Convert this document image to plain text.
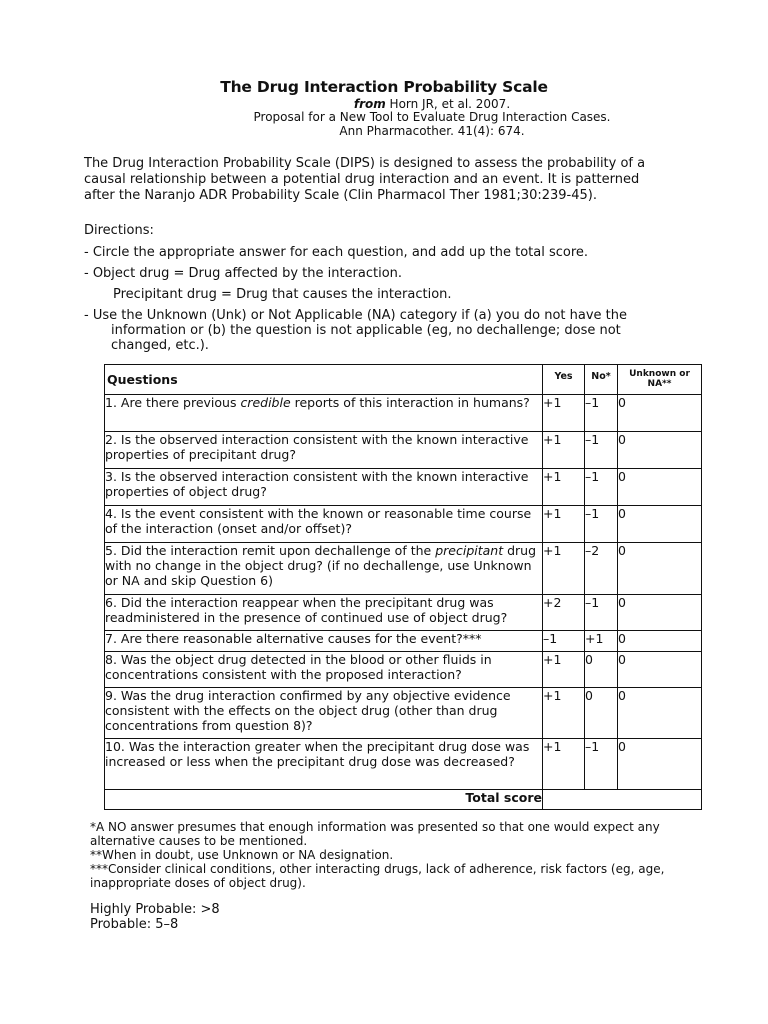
The Drug Interaction Probability Scale
from Horn JR, et al. 2007.
Proposal for a New Tool to Evaluate Drug Interaction Cases.
Ann Pharmacother. 41(4): 674.
The Drug Interaction Probability Scale (DIPS) is designed to assess the probability of a
causal relationship between a potential drug interaction and an event. It is patterned
after the Naranjo ADR Probability Scale (Clin Pharmacol Ther 1981;30:239-45).
Directions:
- Circle the appropriate answer for each question, and add up the total score.
- Object drug = Drug affected by the interaction.
Precipitant drug = Drug that causes the interaction.
- Use the Unknown (Unk) or Not Applicable (NA) category if (a) you do not have the
information or (b) the question is not applicable (eg, no dechallenge; dose not
changed, etc.).
Questions	Yes	No*	Unknown or
NA**

1. Are there previous credible reports of this interaction in humans?	+1	–1	0
2. Is the observed interaction consistent with the known interactive properties of precipitant drug?	+1	–1	0
3. Is the observed interaction consistent with the known interactive properties of object drug?	+1	–1	0
4. Is the event consistent with the known or reasonable time course of the interaction (onset and/or offset)?	+1	–1	0
5. Did the interaction remit upon dechallenge of the precipitant drug with no change in the object drug? (if no dechallenge, use Unknown or NA and skip Question 6)	+1	–2	0
6. Did the interaction reappear when the precipitant drug was readministered in the presence of continued use of object drug?	+2	–1	0
7. Are there reasonable alternative causes for the event?***	–1	+1	0
8. Was the object drug detected in the blood or other fluids in concentrations consistent with the proposed interaction?	+1	0	0
9. Was the drug interaction confirmed by any objective evidence consistent with the effects on the object drug (other than drug concentrations from question 8)?	+1	0	0
10. Was the interaction greater when the precipitant drug dose was increased or less when the precipitant drug dose was decreased?	+1	–1	0
Total score			
*A NO answer presumes that enough information was presented so that one would expect any alternative causes to be mentioned.
**When in doubt, use Unknown or NA designation.
***Consider clinical conditions, other interacting drugs, lack of adherence, risk factors (eg, age, inappropriate doses of object drug).
Highly Probable: >8
Probable: 5–8
